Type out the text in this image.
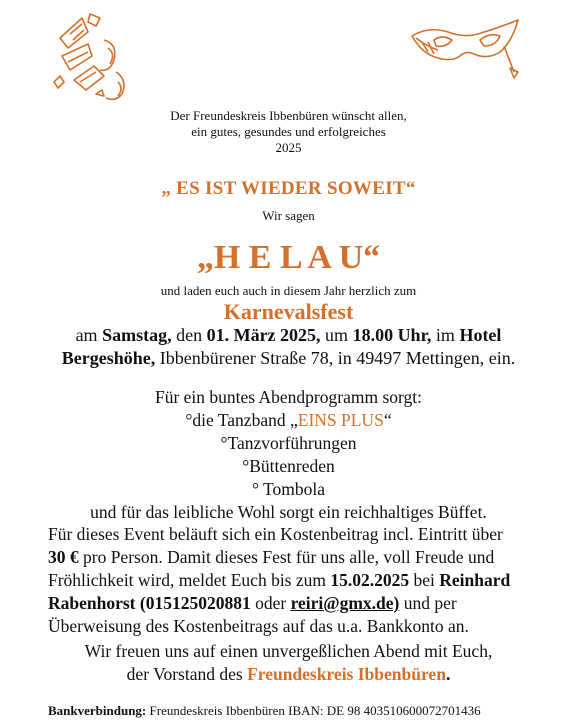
Der Freundeskreis Ibbenbüren wünscht allen,
ein gutes, gesundes und erfolgreiches
2025
„ ES IST WIEDER SOWEIT“
Wir sagen
„H E L A U“
und laden euch auch in diesem Jahr herzlich zum
Karnevalsfest
am Samstag, den 01. März 2025, um 18.00 Uhr, im Hotel
Bergeshöhe, Ibbenbürener Straße 78, in 49497 Mettingen, ein.
Für ein buntes Abendprogramm sorgt:
°die Tanzband „EINS PLUS“
°Tanzvorführungen
°Büttenreden
° Tombola
und für das leibliche Wohl sorgt ein reichhaltiges Büffet.
Für dieses Event beläuft sich ein Kostenbeitrag incl. Eintritt über
30 € pro Person. Damit dieses Fest für uns alle, voll Freude und
Fröhlichkeit wird, meldet Euch bis zum 15.02.2025 bei Reinhard
Rabenhorst (015125020881 oder reiri@gmx.de) und per
Überweisung des Kostenbeitrags auf das u.a. Bankkonto an.
Wir freuen uns auf einen unvergeßlichen Abend mit Euch,
der Vorstand des Freundeskreis Ibbenbüren.
Bankverbindung: Freundeskreis Ibbenbüren IBAN: DE 98 403510600072701436
